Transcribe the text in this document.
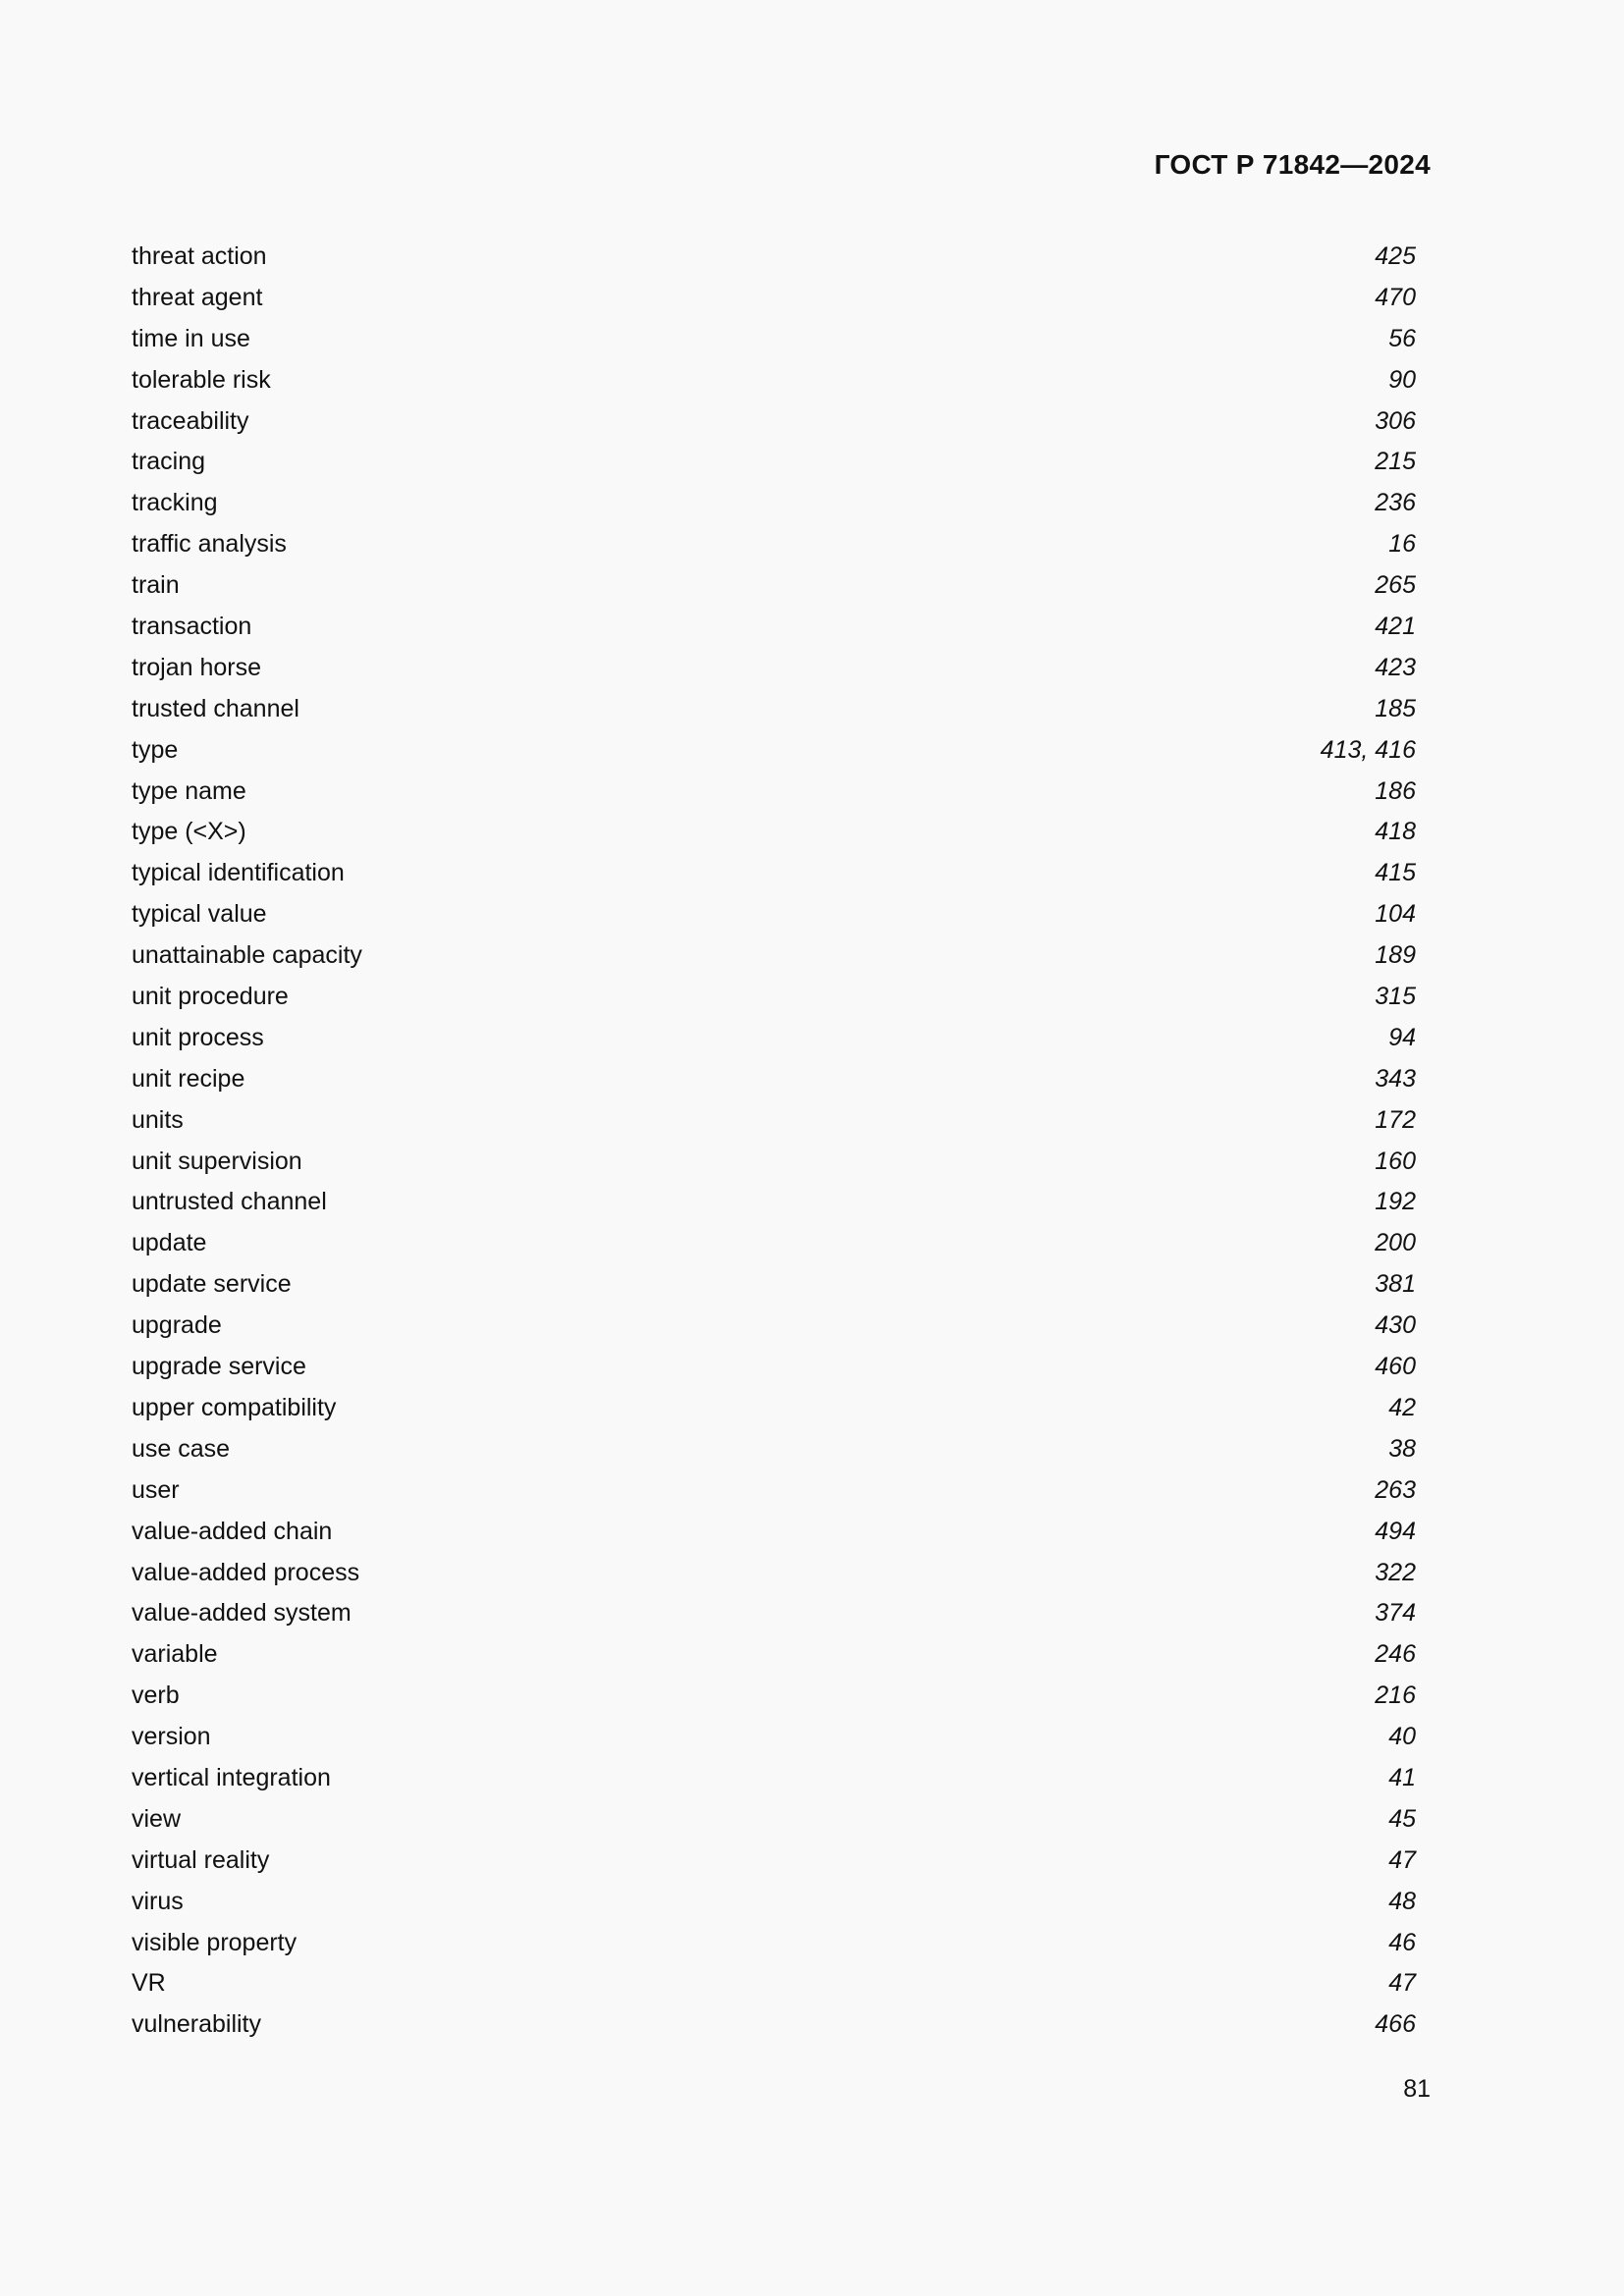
ГОСТ Р 71842—2024
threat action	425
threat agent	470
time in use	56
tolerable risk	90
traceability	306
tracing	215
tracking	236
traffic analysis	16
train	265
transaction	421
trojan horse	423
trusted channel	185
type	413, 416
type name	186
type (<X>)	418
typical identification	415
typical value	104
unattainable capacity	189
unit procedure	315
unit process	94
unit recipe	343
units	172
unit supervision	160
untrusted channel	192
update	200
update service	381
upgrade	430
upgrade service	460
upper compatibility	42
use case	38
user	263
value-added chain	494
value-added process	322
value-added system	374
variable	246
verb	216
version	40
vertical integration	41
view	45
virtual reality	47
virus	48
visible property	46
VR	47
vulnerability	466
81
